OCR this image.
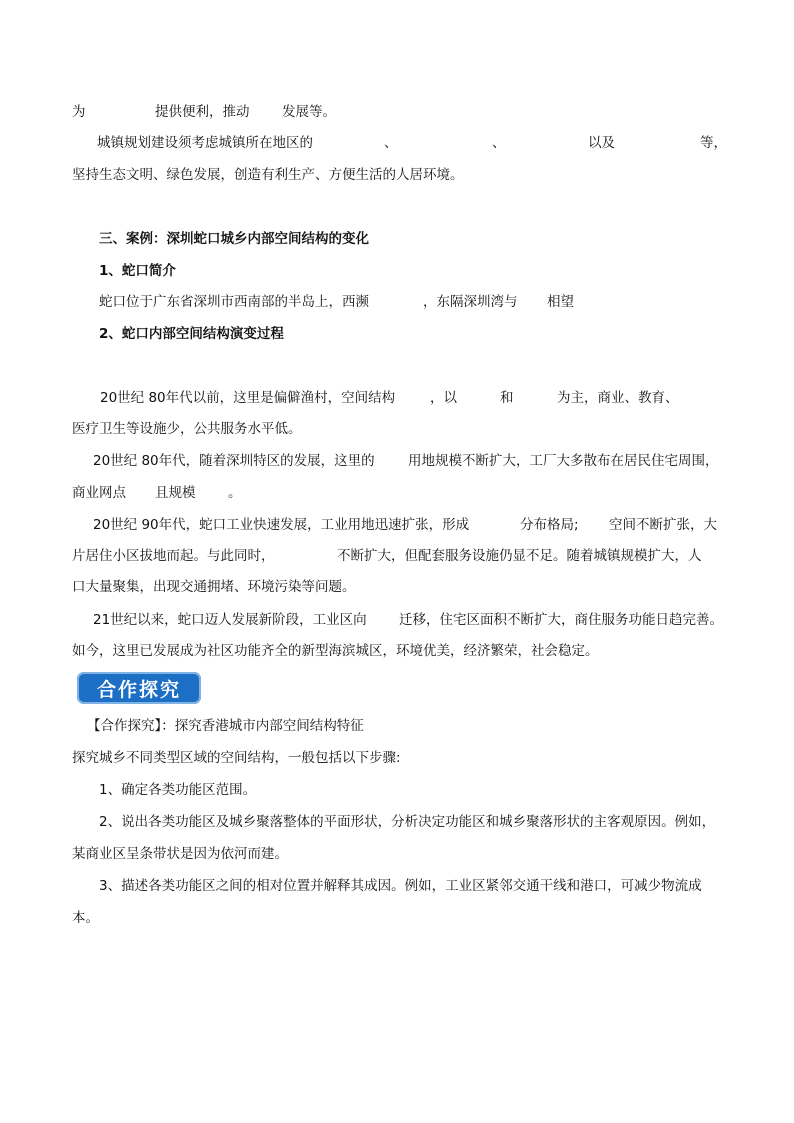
为	提供便利，推动 发展等。
城镇规划建设须考虑城镇所在地区的	、	、	以及	等，
坚持生态文明、绿色发展，创造有利生产、方便生活的人居环境。
三、案例：深圳蛇口城乡内部空间结构的变化
1、蛇口简介
蛇口位于广东省深圳市西南部的半岛上，西濒	，东隔深圳湾与 相望
2、蛇口内部空间结构演变过程
20世纪 80年代以前，这里是偏僻渔村，空间结构	，以	和	为主，商业、教育、
医疗卫生等设施少，公共服务水平低。
20世纪 80年代，随着深圳特区的发展，这里的 用地规模不断扩大，工厂大多散布在居民住宅周围，
商业网点 且规模 。
20世纪 90年代，蛇口工业快速发展，工业用地迅速扩张，形成	分布格局; 空间不断扩张，大
片居住小区拔地而起。与此同时，	不断扩大，但配套服务设施仍显不足。随着城镇规模扩大，人
口大量聚集，出现交通拥堵、环境污染等问题。
21世纪以来，蛇口迈人发展新阶段，工业区向 迁移，住宅区面积不断扩大，商住服务功能日趋完善。
如今，这里已发展成为社区功能齐全的新型海滨城区，环境优美，经济繁荣，社会稳定。
合作探究
【合作探究】：探究香港城市内部空间结构特征
探究城乡不同类型区域的空间结构，一般包括以下步骤:
1、确定各类功能区范围。
2、说出各类功能区及城乡聚落整体的平面形状，分析决定功能区和城乡聚落形状的主客观原因。例如，
某商业区呈条带状是因为依河而建。
3、描述各类功能区之间的相对位置并解释其成因。例如，工业区紧邻交通干线和港口，可减少物流成
本。
